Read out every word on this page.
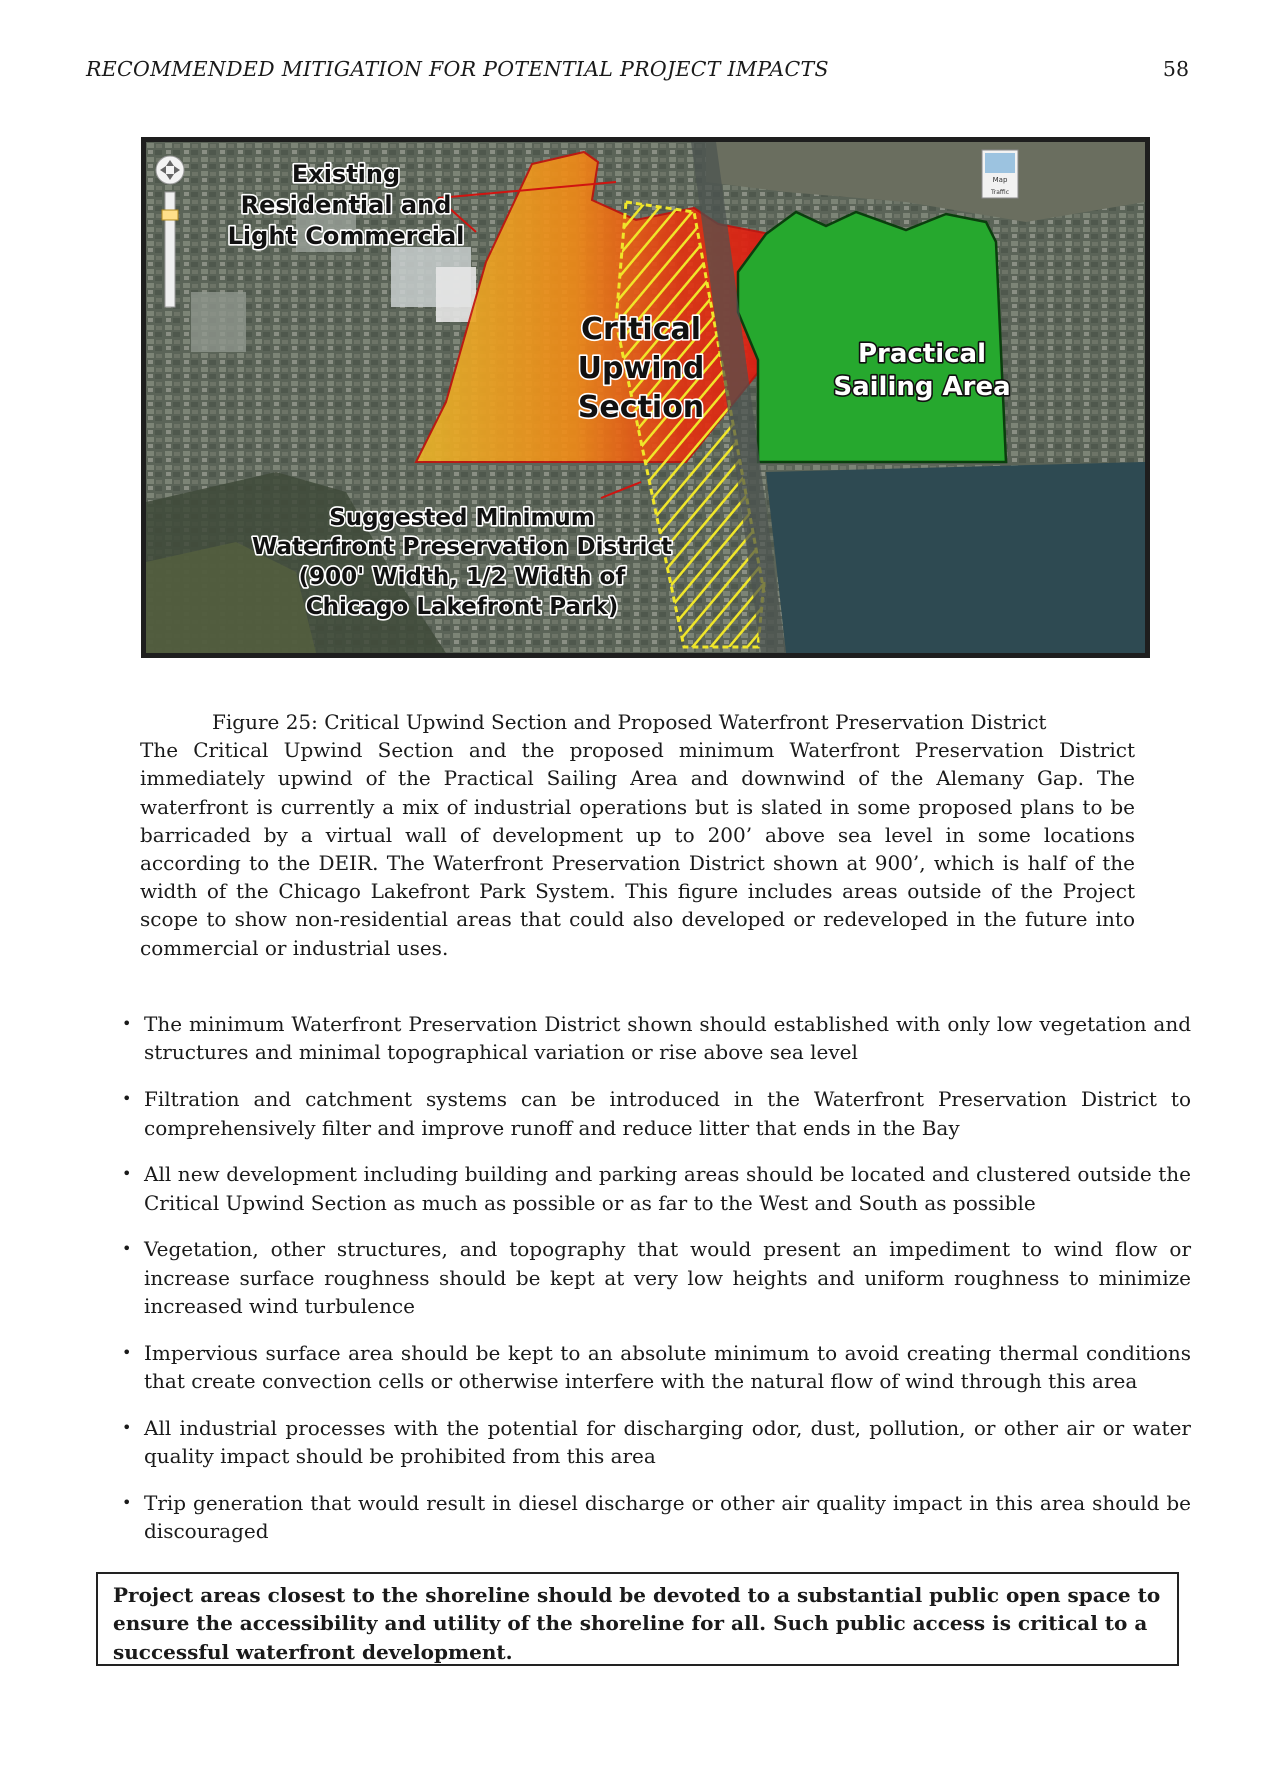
RECOMMENDED MITIGATION FOR POTENTIAL PROJECT IMPACTS	58
Existing
Residential and
Light Commercial
Critical
Upwind
Section
Practical
Sailing Area
Suggested Minimum
Waterfront Preservation District
(900' Width, 1/2 Width of
Chicago Lakefront Park)
Map
Traffic
Figure 25: Critical Upwind Section and Proposed Waterfront Preservation District
The Critical Upwind Section and the proposed minimum Waterfront Preservation District immediately upwind of the Practical Sailing Area and downwind of the Alemany Gap. The waterfront is currently a mix of industrial operations but is slated in some proposed plans to be barricaded by a virtual wall of development up to 200’ above sea level in some locations according to the DEIR. The Waterfront Preservation District shown at 900’, which is half of the width of the Chicago Lakefront Park System. This figure includes areas outside of the Project scope to show non-residential areas that could also developed or redeveloped in the future into commercial or industrial uses.
• The minimum Waterfront Preservation District shown should established with only low vegetation and structures and minimal topographical variation or rise above sea level
• Filtration and catchment systems can be introduced in the Waterfront Preservation District to comprehensively filter and improve runoff and reduce litter that ends in the Bay
• All new development including building and parking areas should be located and clustered outside the Critical Upwind Section as much as possible or as far to the West and South as possible
• Vegetation, other structures, and topography that would present an impediment to wind flow or increase surface roughness should be kept at very low heights and uniform roughness to minimize increased wind turbulence
• Impervious surface area should be kept to an absolute minimum to avoid creating thermal conditions that create convection cells or otherwise interfere with the natural flow of wind through this area
• All industrial processes with the potential for discharging odor, dust, pollution, or other air or water quality impact should be prohibited from this area
• Trip generation that would result in diesel discharge or other air quality impact in this area should be discouraged
Project areas closest to the shoreline should be devoted to a substantial public open space to ensure the accessibility and utility of the shoreline for all. Such public access is critical to a successful waterfront development.
